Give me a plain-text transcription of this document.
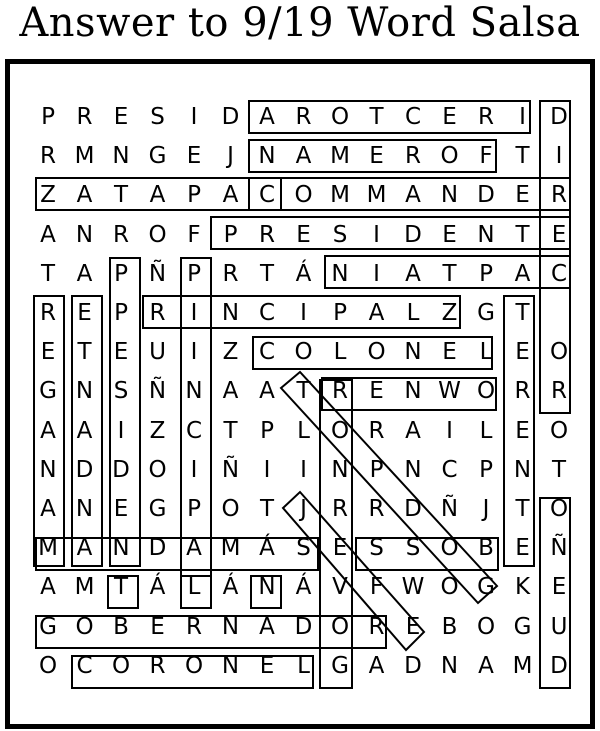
Answer to 9/19 Word Salsa
P R E S	I	D A R O T C E R	I	D
R M N G E	J	N A M E R O F T	I
Z A T A P A C O M M A N D E R
A N R O F P R E S	I	D E N T E
T A P Ñ P R T Á N	I	A T P A C
R E P R	I	N C	I	P A L Z G T
E T E U	I	Z C O L O N E L E O
G N S Ñ N A A T R E N W O R R
A A	I	Z C T P	L O R A	I	L E O
N D D O	I	Ñ	I	I	N P N C P N T
A N E G P O T	J	R R D Ñ	J	T O
M A N D A M Á S E S S O B E Ñ
A M T Á L Á N Á V F W O G K E
G O B E R N A D O R E B O G U
O C O R O N E L G A D N A M D
